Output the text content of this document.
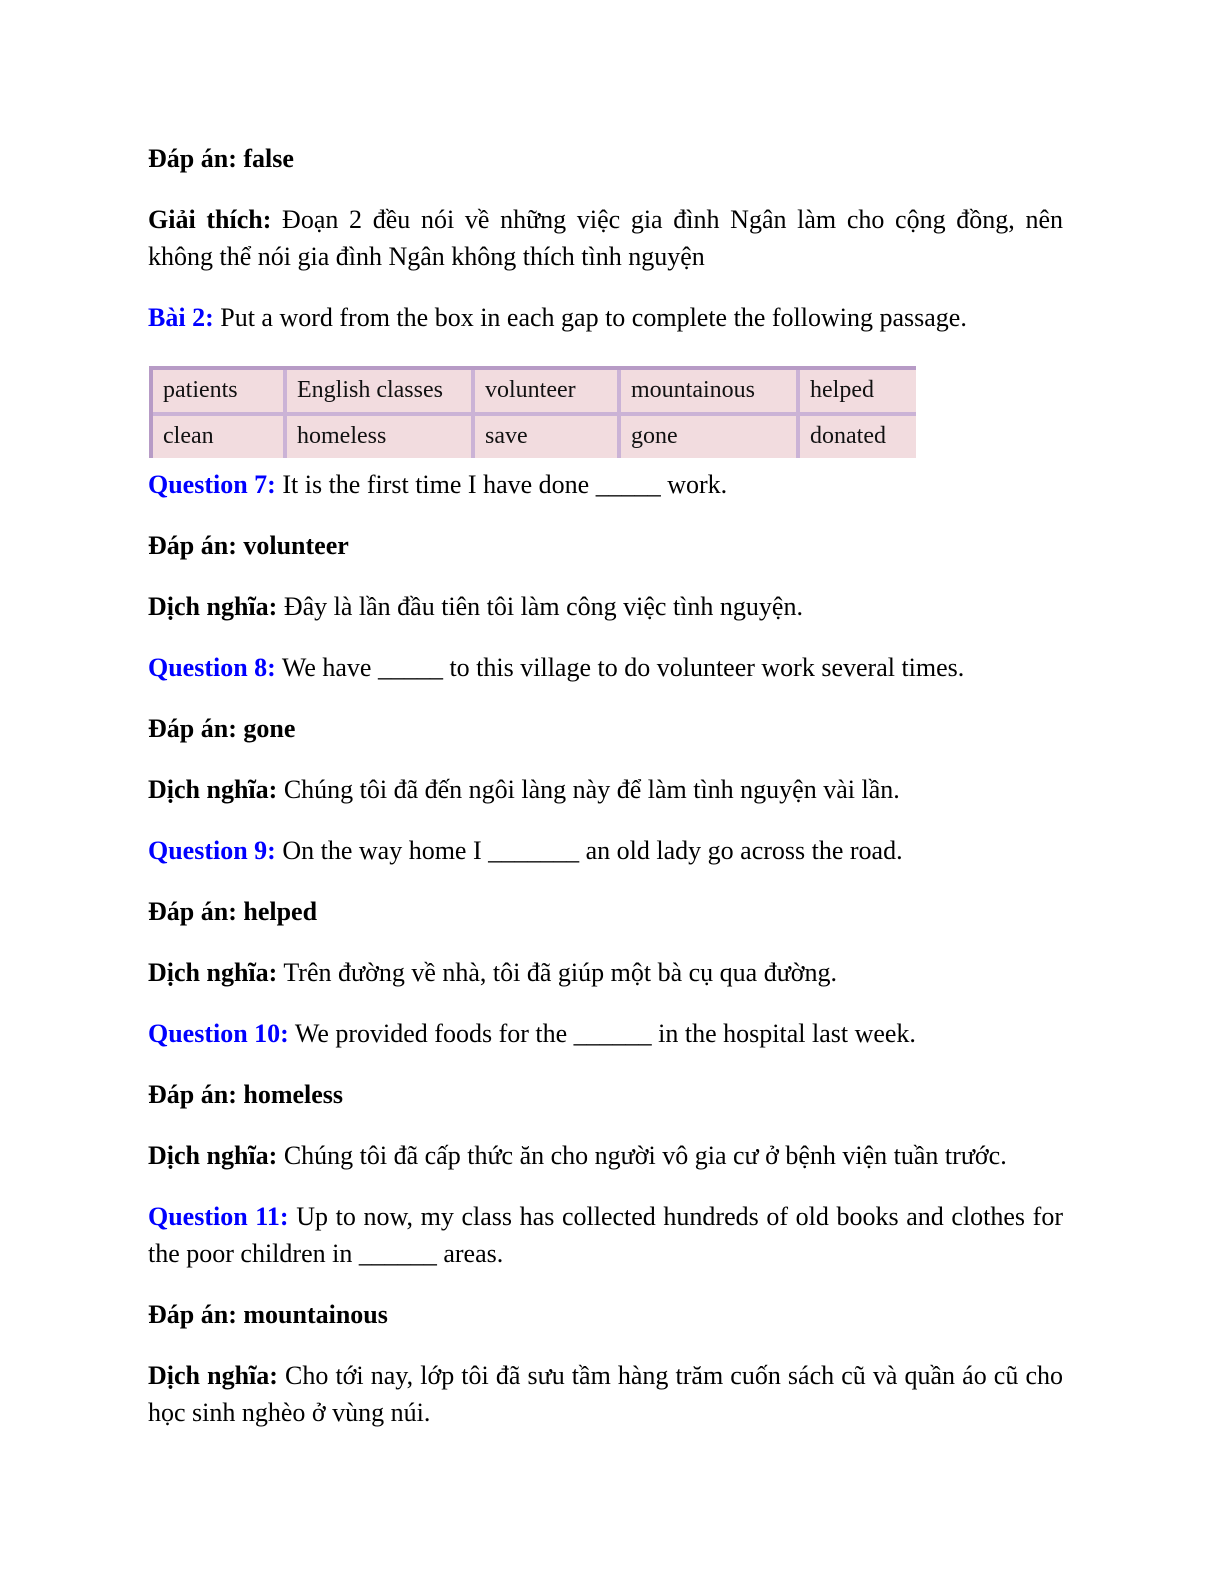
Đáp án: false

Giải thích: Đoạn 2 đều nói về những việc gia đình Ngân làm cho cộng đồng, nên không thể nói gia đình Ngân không thích tình nguyện

Bài 2: Put a word from the box in each gap to complete the following passage.

patients	English classes	volunteer	mountainous	helped
clean	homeless	save	gone	donated

Question 7: It is the first time I have done _____ work.

Đáp án: volunteer

Dịch nghĩa: Đây là lần đầu tiên tôi làm công việc tình nguyện.

Question 8: We have _____ to this village to do volunteer work several times.

Đáp án: gone

Dịch nghĩa: Chúng tôi đã đến ngôi làng này để làm tình nguyện vài lần.

Question 9: On the way home I _______ an old lady go across the road.

Đáp án: helped

Dịch nghĩa: Trên đường về nhà, tôi đã giúp một bà cụ qua đường.

Question 10: We provided foods for the ______ in the hospital last week.

Đáp án: homeless

Dịch nghĩa: Chúng tôi đã cấp thức ăn cho người vô gia cư ở bệnh viện tuần trước.

Question 11: Up to now, my class has collected hundreds of old books and clothes for the poor children in ______ areas.

Đáp án: mountainous

Dịch nghĩa: Cho tới nay, lớp tôi đã sưu tầm hàng trăm cuốn sách cũ và quần áo cũ cho học sinh nghèo ở vùng núi.
